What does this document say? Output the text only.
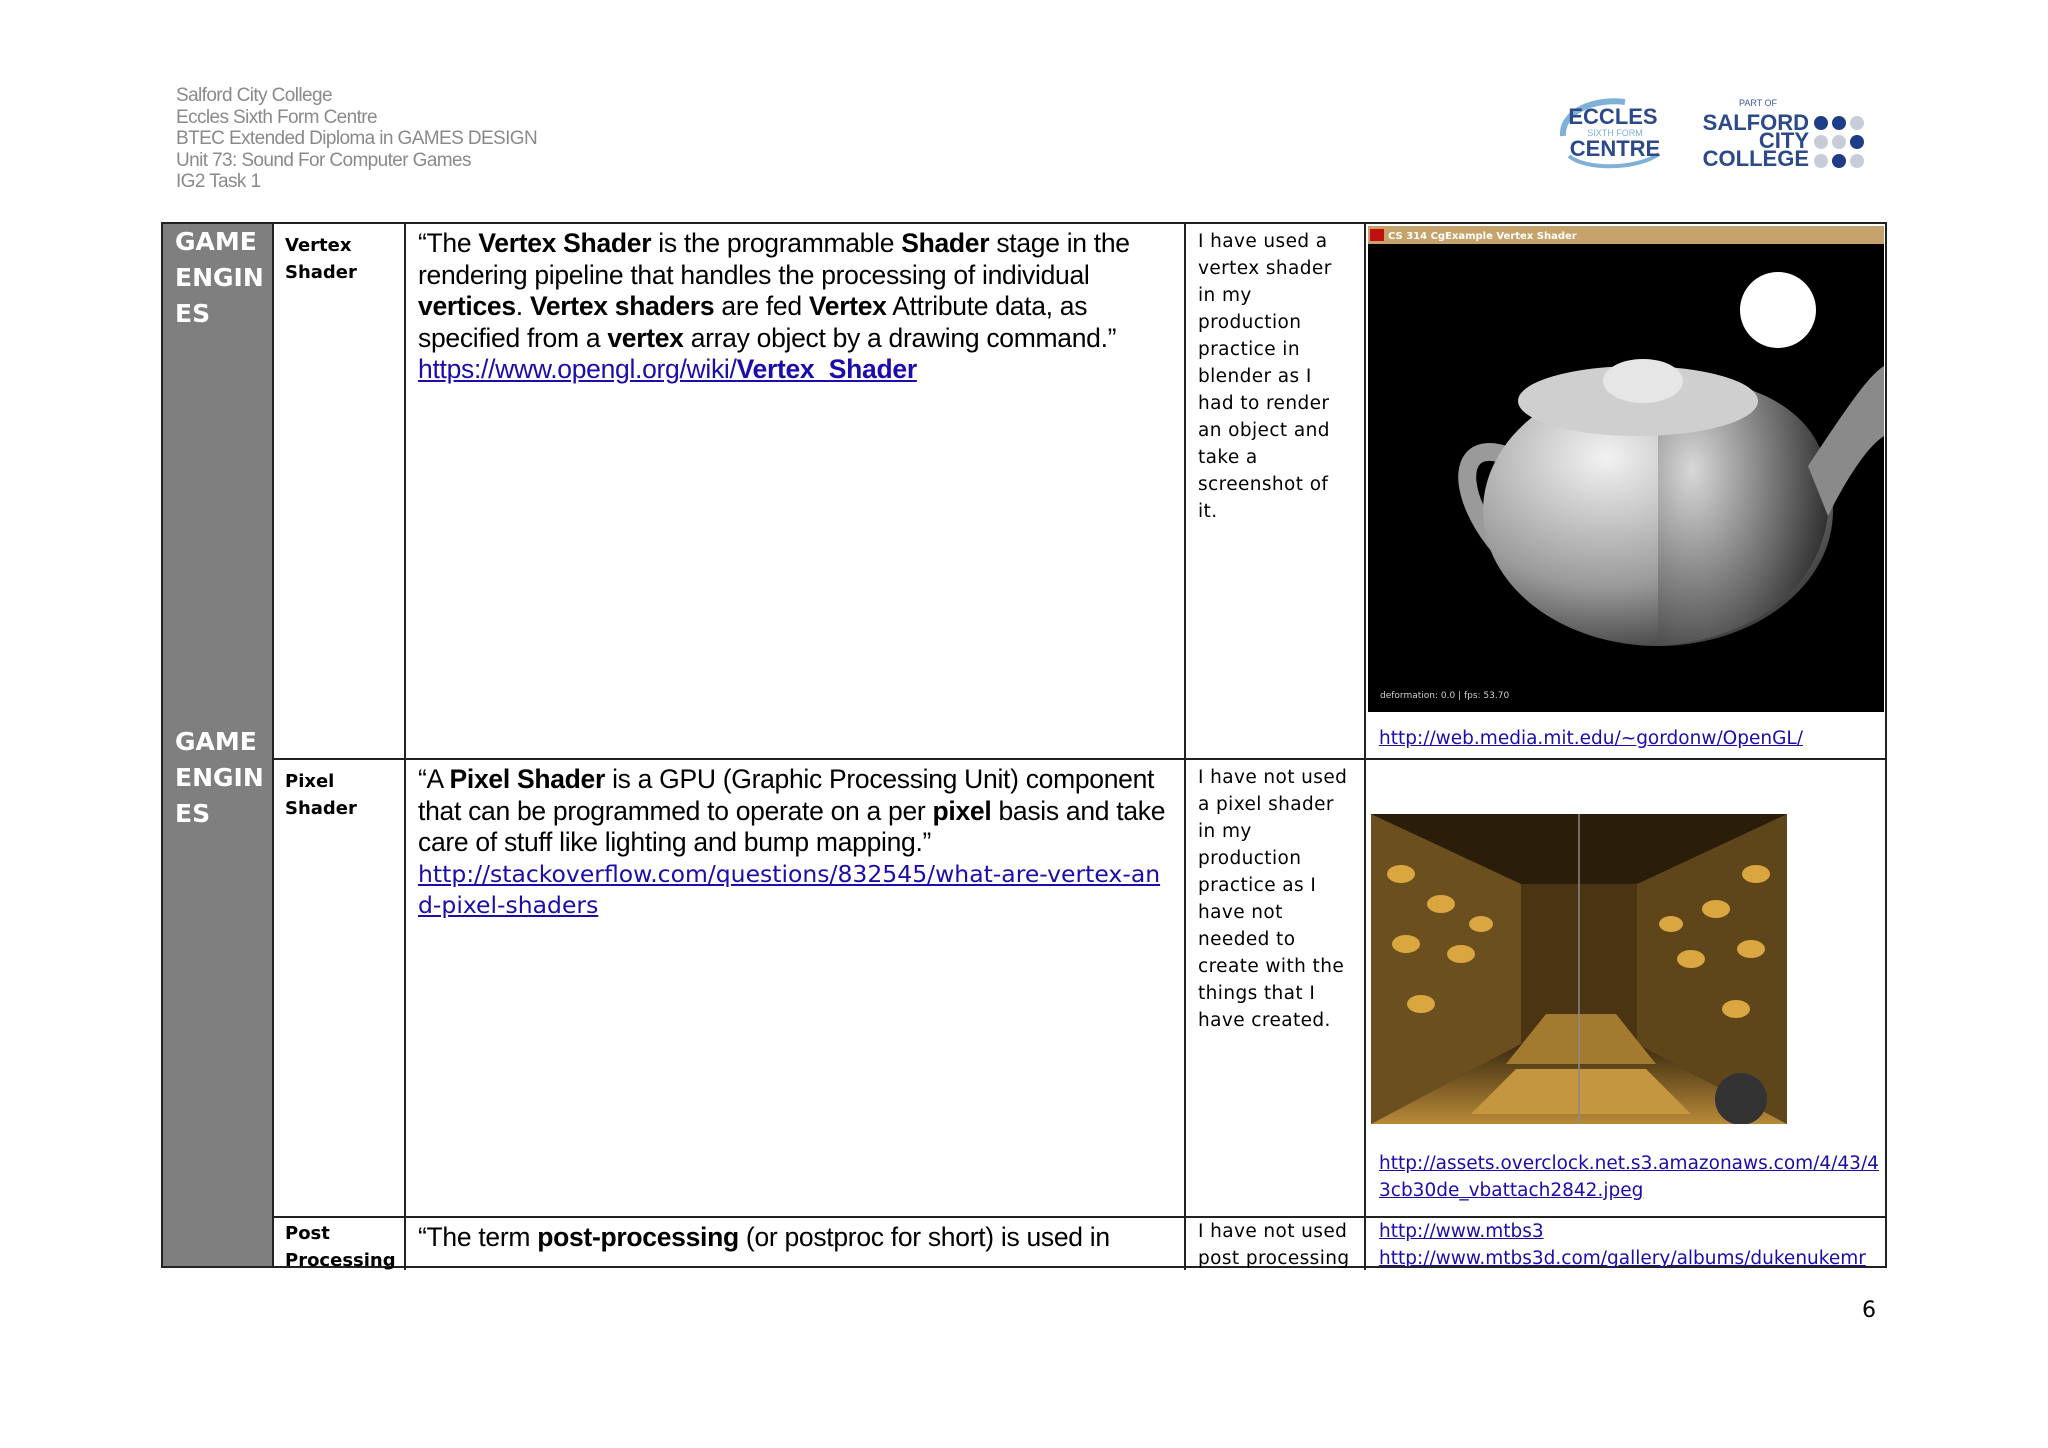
Salford City College
Eccles Sixth Form Centre
BTEC Extended Diploma in GAMES DESIGN
Unit 73: Sound For Computer Games
IG2 Task 1
ECCLES
SIXTH FORM
CENTRE
PART OF
SALFORD
CITY
COLLEGE
GAME
ENGIN
ES
GAME
ENGIN
ES
Vertex
Shader
“The Vertex Shader is the programmable Shader stage in the rendering pipeline that handles the processing of individual vertices. Vertex shaders are fed Vertex Attribute data, as specified from a vertex array object by a drawing command.”
https://www.opengl.org/wiki/Vertex_Shader
I have used a vertex shader in my production practice in blender as I had to render an object and take a screenshot of it.
CS 314 CgExample Vertex Shader
deformation: 0.0 | fps: 53.70
http://web.media.mit.edu/~gordonw/OpenGL/
Pixel
Shader
“A Pixel Shader is a GPU (Graphic Processing Unit) component that can be programmed to operate on a per pixel basis and take care of stuff like lighting and bump mapping.”
http://stackoverflow.com/questions/832545/what-are-vertex-and-pixel-shaders
I have not used a pixel shader in my production practice as I have not needed to create with the things that I have created.
http://assets.overclock.net.s3.amazonaws.com/4/43/4
3cb30de_vbattach2842.jpeg
Post
Processing
“The term post-processing (or postproc for short) is used in	I have not used post processing
http://www.mtbs3
http://www.mtbs3d.com/gallery/albums/dukenukemr
6
